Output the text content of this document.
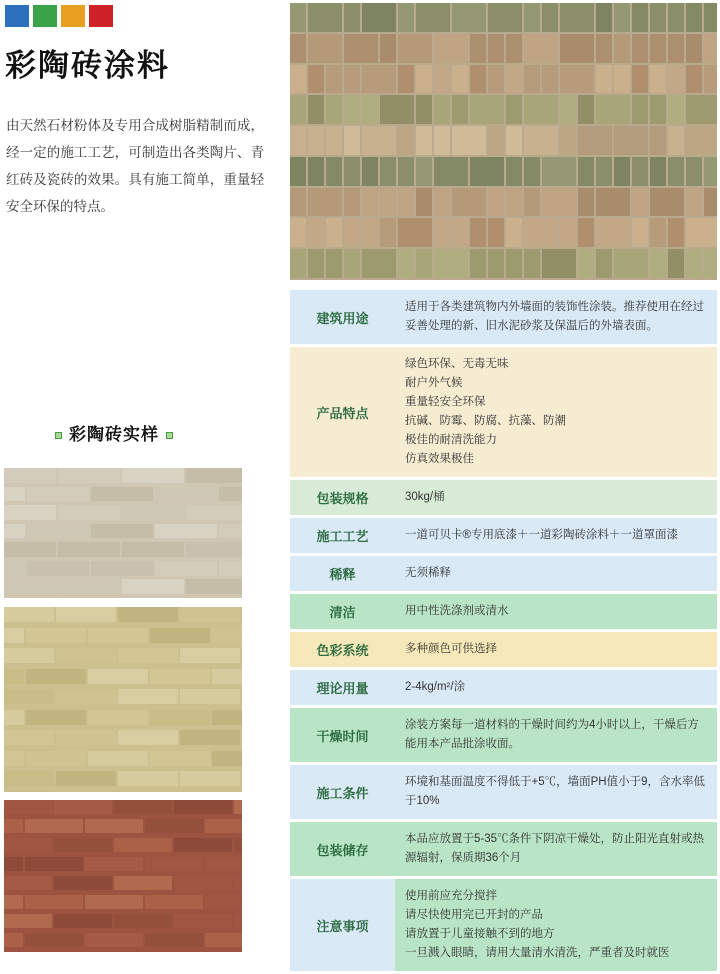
彩陶砖涂料
由天然石材粉体及专用合成树脂精制而成，经一定的施工工艺，可制造出各类陶片、青红砖及瓷砖的效果。具有施工简单，重量轻安全环保的特点。
彩陶砖实样
建筑用途	适用于各类建筑物内外墙面的装饰性涂装。推荐使用在经过妥善处理的新、旧水泥砂浆及保温后的外墙表面。

产品特点	
绿色环保、无毒无味
耐户外气候
重量轻安全环保
抗碱、防霉、防腐、抗藻、防潮
极佳的耐清洗能力
仿真效果极佳

包装规格	30kg/桶

施工工艺	一道可贝卡®专用底漆＋一道彩陶砖涂料＋一道罩面漆

稀释	无须稀释

清洁	用中性洗涤剂或清水

色彩系统	多种颜色可供选择

理论用量	2-4kg/m²/涂

干燥时间	涂装方案每一道材料的干燥时间约为4小时以上，干燥后方能用本产品批涂收面。

施工条件	环境和基面温度不得低于+5℃，墙面PH值小于9，含水率低于10%

包装储存	本品应放置于5-35℃条件下阴凉干燥处，防止阳光直射或热源辐射，保质期36个月

注意事项	使用前应充分搅拌
请尽快使用完已开封的产品
请放置于儿童接触不到的地方
一旦溅入眼睛，请用大量清水清洗，严重者及时就医
